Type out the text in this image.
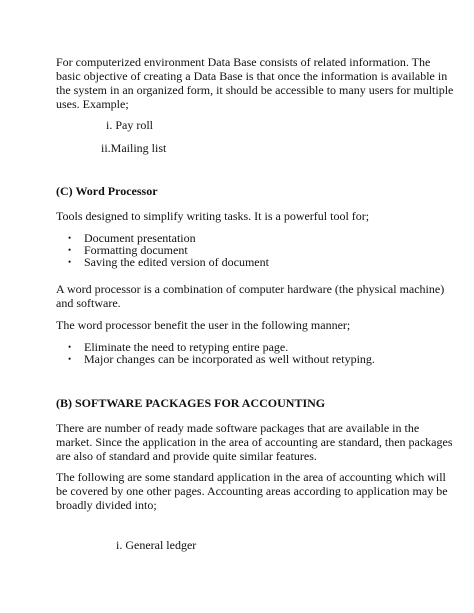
For computerized environment Data Base consists of related information. The
basic objective of creating a Data Base is that once the information is available in
the system in an organized form, it should be accessible to many users for multiple
uses. Example;
i. Pay roll
ii.Mailing list
(C) Word Processor
Tools designed to simplify writing tasks. It is a powerful tool for;
• Document presentation
• Formatting document
• Saving the edited version of document
A word processor is a combination of computer hardware (the physical machine)
and software.
The word processor benefit the user in the following manner;
• Eliminate the need to retyping entire page.
• Major changes can be incorporated as well without retyping.
(B) SOFTWARE PACKAGES FOR ACCOUNTING
There are number of ready made software packages that are available in the
market. Since the application in the area of accounting are standard, then packages
are also of standard and provide quite similar features.
The following are some standard application in the area of accounting which will
be covered by one other pages. Accounting areas according to application may be
broadly divided into;
i. General ledger
